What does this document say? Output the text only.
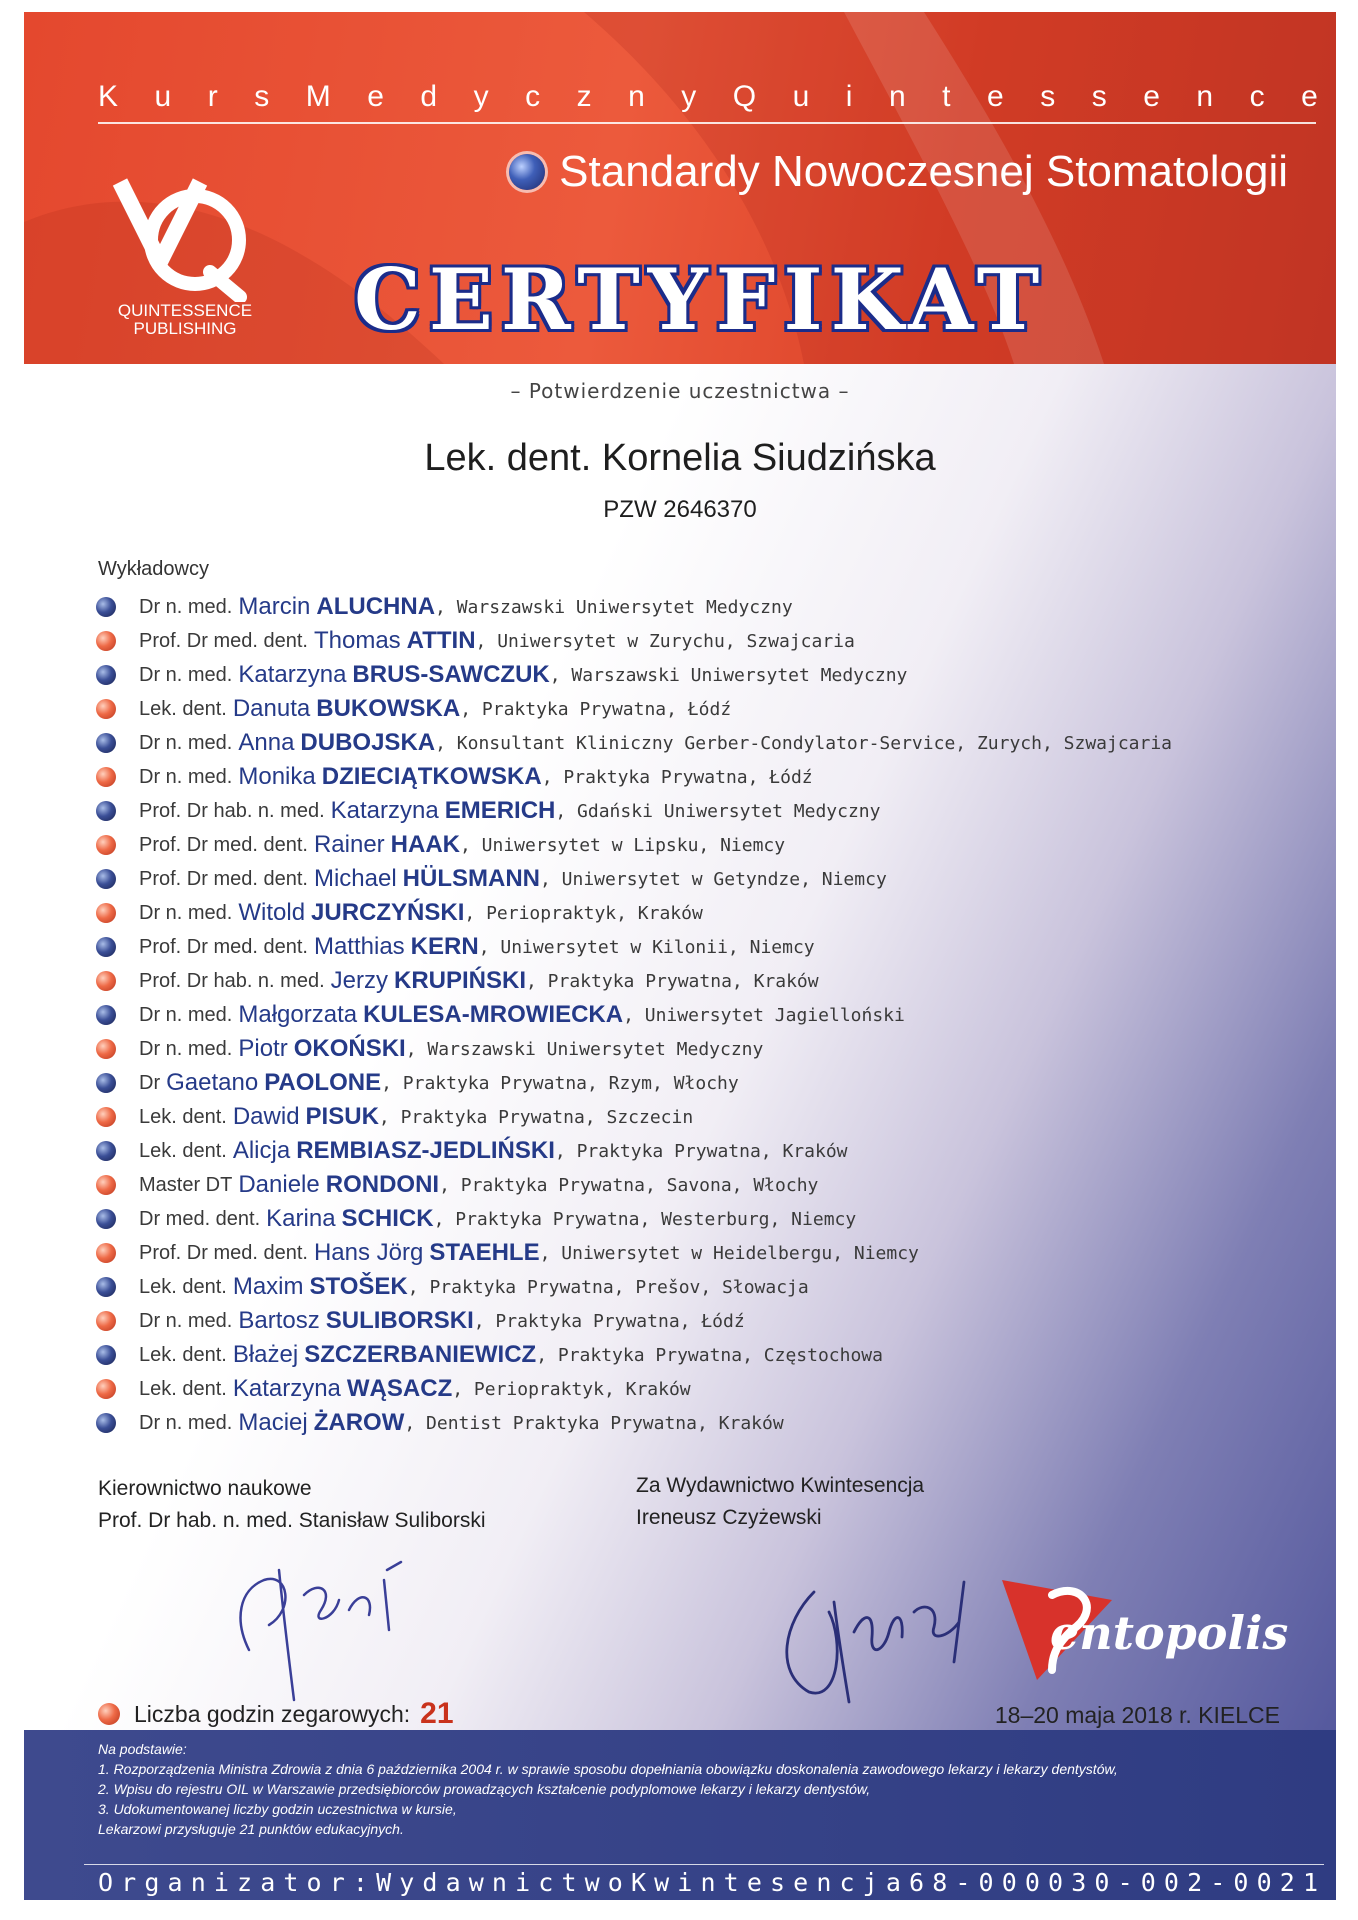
K u r s M e d y c z n y Q u i n t e s s e n c e
Standardy Nowoczesnej Stomatologii
QUINTESSENCE
PUBLISHING	CERTYFIKAT
– Potwierdzenie uczestnictwa –
Lek. dent. Kornelia Siudzińska
PZW 2646370
Wykładowcy
Dr n. med. Marcin ALUCHNA , Warszawski Uniwersytet Medyczny
Prof. Dr med. dent. Thomas ATTIN , Uniwersytet w Zurychu, Szwajcaria
Dr n. med. Katarzyna BRUS-SAWCZUK , Warszawski Uniwersytet Medyczny
Lek. dent. Danuta BUKOWSKA , Praktyka Prywatna, Łódź
Dr n. med. Anna DUBOJSKA , Konsultant Kliniczny Gerber-Condylator-Service, Zurych, Szwajcaria
Dr n. med. Monika DZIECIĄTKOWSKA , Praktyka Prywatna, Łódź
Prof. Dr hab. n. med. Katarzyna EMERICH , Gdański Uniwersytet Medyczny
Prof. Dr med. dent. Rainer HAAK , Uniwersytet w Lipsku, Niemcy
Prof. Dr med. dent. Michael HÜLSMANN , Uniwersytet w Getyndze, Niemcy
Dr n. med. Witold JURCZYŃSKI , Periopraktyk, Kraków
Prof. Dr med. dent. Matthias KERN , Uniwersytet w Kilonii, Niemcy
Prof. Dr hab. n. med. Jerzy KRUPIŃSKI , Praktyka Prywatna, Kraków
Dr n. med. Małgorzata KULESA-MROWIECKA , Uniwersytet Jagielloński
Dr n. med. Piotr OKOŃSKI , Warszawski Uniwersytet Medyczny
Dr Gaetano PAOLONE , Praktyka Prywatna, Rzym, Włochy
Lek. dent. Dawid PISUK , Praktyka Prywatna, Szczecin
Lek. dent. Alicja REMBIASZ-JEDLIŃSKI , Praktyka Prywatna, Kraków
Master DT Daniele RONDONI , Praktyka Prywatna, Savona, Włochy
Dr med. dent. Karina SCHICK , Praktyka Prywatna, Westerburg, Niemcy
Prof. Dr med. dent. Hans Jörg STAEHLE , Uniwersytet w Heidelbergu, Niemcy
Lek. dent. Maxim STOŠEK , Praktyka Prywatna, Prešov, Słowacja
Dr n. med. Bartosz SULIBORSKI , Praktyka Prywatna, Łódź
Lek. dent. Błażej SZCZERBANIEWICZ , Praktyka Prywatna, Częstochowa
Lek. dent. Katarzyna WĄSACZ , Periopraktyk, Kraków
Dr n. med. Maciej ŻAROW , Dentist Praktyka Prywatna, Kraków
Kierownictwo naukowe
Prof. Dr hab. n. med. Stanisław Suliborski
Za Wydawnictwo Kwintesencja
Ireneusz Czyżewski
entopolis
Liczba godzin zegarowych: 21	18–20 maja 2018 r. KIELCE
Na podstawie:
1. Rozporządzenia Ministra Zdrowia z dnia 6 października 2004 r. w sprawie sposobu dopełniania obowiązku doskonalenia zawodowego lekarzy i lekarzy dentystów,
2. Wpisu do rejestru OIL w Warszawie przedsiębiorców prowadzących kształcenie podyplomowe lekarzy i lekarzy dentystów,
3. Udokumentowanej liczby godzin uczestnictwa w kursie,
Lekarzowi przysługuje 21 punktów edukacyjnych.
O r g a n i z a t o r : W y d a w n i c t w o K w i n t e s e n c j a 6 8 - 0 0 0 0 3 0 - 0 0 2 - 0 0 2 1
